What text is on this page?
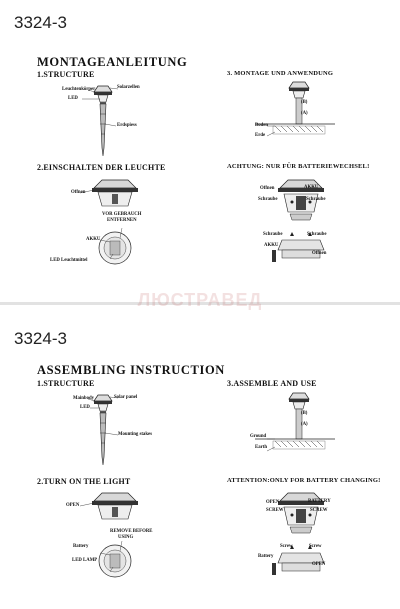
3324-3
MONTAGEANLEITUNG
1.STRUCTURE	3. MONTAGE UND ANWENDUNG
2.EINSCHALTEN DER LEUCHTE	ACHTUNG: NUR FÜR BATTERIEWECHSEL!
Leuchtenkörper	Solarzellen
LED
Erdspiess
Offnen
VOR GEBRAUCH
ENTFERNEN
AKKU
LED Leuchtmittel
(B)
(A)
Boden
Erde
Offnen	AKKU
Schraube	Schraube
Schraube	Schraube
AKKU
Offnen
3324-3
ASSEMBLING INSTRUCTION
1.STRUCTURE	3.ASSEMBLE AND USE
2.TURN ON THE LIGHT	ATTENTION:ONLY FOR BATTERY CHANGING!
Mainbody	Solar panel
LED
Mounting stakes
OPEN
REMOVE BEFORE
USING
Battery
LED LAMP
(B)
(A)
Ground
Earth
OPEN	BATTERY
SCREW	SCREW
Screw	Screw
Battery
OPEN
ЛЮСТРАВЕД
